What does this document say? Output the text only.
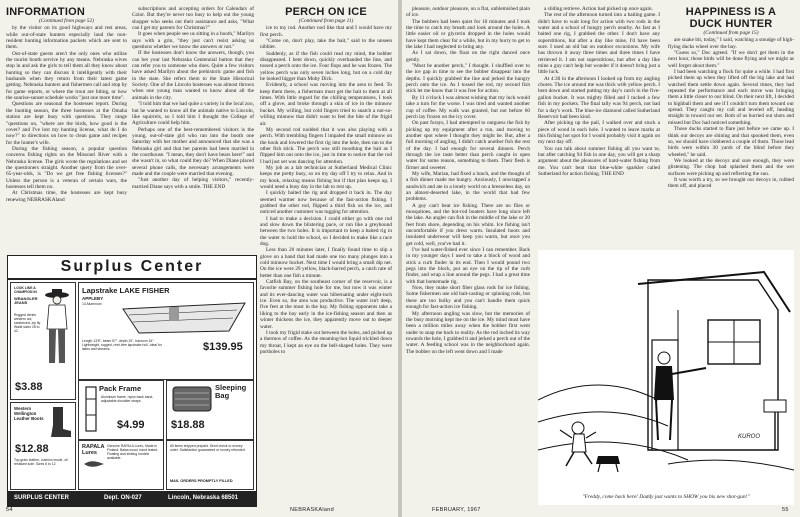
INFORMATION
(Continued from page 52)

by the visitor on its good highways and rest areas, while out-of-state hunters especially laud the non-resident hunting information packets which are sent to them.

Out-of-state guests aren't the only ones who utilize the tourist booth service by any means. Nebraska wives stop in and ask the girls to tell them all they know about hunting so they can discuss it intelligently with their husbands when they return from their latest game getting. Nebraska hunters and fishermen call and stop by for game reports, or where the trout are biting, or how the sunrise-sunset schedule works "just one more time".

Questions are seasonal the hostesses report. During the hunting season, the three hostesses at the Omaha station are kept busy with questions. They range "questions on, "where are the birds, how good is the cover? and I've lost my hunting license, what do I do now?" to directions on how to clean game and recipes for the hunter's wife.

During the fishing season, a popular question concerns fishing rights on the Missouri River with a Nebraska license. The girls wrote the regulations and set the questioners straight. Another query from the over-65-year-olds, is "Do we get free fishing licenses?" Unless the person is a veteran of certain wars, the hostesses tell them no.

At Christmas time, the hostesses are kept busy renewing NEBRASKAland

subscriptions and accepting orders for Calendars of Color. But they're never too busy to help out the young shopper who seeks out their assistance and asks, "What can I get my parents for Christmas?"

It goes when people see us sitting in a booth," Marilyn says with a grin, "they just can't resist asking us questions whether we know the answers or not."

If the hostesses don't know the answers, though, you can bet your last Nebraska Centennial button that they can refer you to someone who does. Quite a few visitors have asked Marilyn about the prehistoric game and fish in the state. She refers them to the State Historical Society. One of the Lincoln hostesses was almost thrown when one young man wanted to know about all the animals in the city.

"I told him that we had quite a variety in the local zoo, but he wanted to know all the animals native to Lincoln, like squirrels, so I told him I thought the College of Agriculture could help him.

Perhaps one of the best-remembered visitors is the young, out-of-state girl who ran into the booth one Saturday with her mother and announced that she was a Nebraska girl and that her parents had been married in the courthouse. "I mean, they don't have bears here!" and she wasn't in, so what could they do? When Diane placed several phone calls, the necessary arrangements were made and the couple were married that evening.

"Just another day of helping visitors," recently-married Diane says with a smile. THE END

PERCH ON ICE
(Continued from page 11)

ice to my rod. Another nod like that and I would have my first perch.

"Come on, don't play, take the bait," said to the unseen nibbler.

Suddenly, as if the fish could read my mind, the bobber disappeared. I bent down, quickly overhanded the line, and tossed a perch onto the ice. Four flops and he was frozen. The yellow perch was only seven inches long, but on a cold day he looked bigger than Moby Dick.

Evidently, a school was moving into the area to feed. To keep them there, a fisherman must get the bait to them at all times. With little regard for the chilling temperatures, I took off a glove, and broke through a skin of ice in the minnow bucket. My willing, but cold fingers tried to snatch a not-so-willing minnow that didn't want to feel the bite of the frigid air.

My second rod nodded that it was also playing with a perch. With trembling fingers I impaled the small minnow on the hook and lowered the first rig into the hole, then ran to the other fish stick. The perch was still mouthing the bait as I flipped him out onto the ice, just in time to notice that the rod I had just set was dancing for attention.

My job as a lab technician at Sutherland Medical Clinic keeps me pretty busy, so on my day off I try to relax. And in my book, relaxing means fishing but if that plan keeps up, I would need a busy day in the lab to rest up.

I quickly baited the rig and dropped it back in. The day seemed warmer now because of the fast-action fishing. I grabbed the other rod, flipped a third fish on the ice, and noticed another customer was tugging for attention.

I had to make a decision. I could either go with one rod and slow down the blistering pace, or run like a greyhound between the two holes. It is important to keep a baited rig in the water to hold the school, so I decided to make like a race dog.

Less than 20 minutes later, I finally found time to slip a glove on a hand that had made one too many plunges into a cold minnow bucket. Next time I would bring a small dip net. On the ice were 29 yellow, black-barred perch, a catch rate of better than one fish a minute.

Catfish Bay, on the southeast corner of the reservoir, is a favorite summer fishing hole for me, but now it was winter and its ever-dancing water was hibernating under eight-inch ice. Even so, the area was productive. The water isn't deep, five feet at the most in the bay. My fishing opponents take a liking to the bay early in the ice-fishing season and then as winter thickens the ice, they apparently move out to deeper water.

I took my frigid stake out between the holes, and picked up a thermos of coffee. As the steaming-hot liquid trickled down my throat, I kept an eye on the bell-shaped holes. They were portholes to

Surplus Center
LOOK LIKE A CHAMPION IN
WRANGLER JEANS
Rugged denim western cut, sanforized, zip fly. Waist sizes 28 to 42.
$3.88
Western Wellington Leather Boots
$12.88
Top grain leather, cushion insole, oil resistant sole. Sizes 6 to 12.
Lapstrake LAKE FISHER
APPLEBY
14 Aluminum
$139.95
Length 13'8", beam 57", depth 19", transom 16". Lightweight, rugged, rivet-free lapstrake hull. Ideal for lakes and streams.
Pack Frame
Aluminum frame, nylon back band, adjustable shoulder straps.
$4.99
Sleeping Bag
$18.88
RAPALA Lures
Genuine RAPALA Lures, Made in Finland. Balsa wood, hand tested. Floating and sinking models available.
All items shipped prepaid. Send check or money order. Satisfaction guaranteed or money refunded.
MAIL ORDERS PROMPTLY FILLED
SURPLUS CENTER	Dept. ON-027	Lincoln, Nebraska 68501
54	NEBRASKAland

pleasure, outdoor pleasure, on a flat, unblemished plain of ice.

The bobbers had been quiet for 10 minutes and I took the time to catch my breath and look around the holes. A little easier oil or glycerin dropped in the holes would have kept them clear for a while, but in my hurry to get to the lake I had neglected to bring any.

As I sat down, the float on the right danced once gently.

"Must be another perch," I thought. I shuffled over to the ice gap in time to see the bobber disappear into the depths. I quickly grabbed the line and jerked the hungry perch onto the ice. As I tossed the rod, my second fish stick let me know that it was free for action.

By 11 o'clock I was almost wishing that my luck would take a turn for the worse. I was tired and wanted another cup of coffee. My walk was granted, but not before 60 perch lay frozen on the icy cover.

On past forays, I had attempted to outguess the fish by picking up my equipment after a run, and moving to another spot where I thought they might be. But, after a full morning of angling, I didn't catch another fish the rest of the day. I had enough for several dinners. Perch through the ice taste better than perch caught in open water for some reason, something to them. Their flesh is firmer and sweeter.

My wife, Marian, had fixed a lunch, and the thought of a fish dinner made me hungry. Anxiously, I unwrapped a sandwich and ate in a lonely world on a breezeless day, on an almost-deserted lake, in the world that had few problems.

A guy can't beat ice fishing. There are no flies or mosquitoes, and the hot-rod boaters have long since left the lake. An angler can fish in the middle of the lake or 20 feet from shore, depending on his whim. Ice fishing isn't uncomfortable if you dress warm. Insulated boots and insulated underwear will keep you warm, but once you get cold, well, you've had it.

I've had water-fished ever since I can remember. Back in my younger days I used to take a block of wood and stick a curb finder in its end. Then I would pound two pegs into the block, put an eye on the tip of the curb finder, and wrap a line around the pegs. I had a great time with that homemade rig.

Now, they make short fiber glass rods for ice fishing. Some fishermen use old bait-casting or spinning rods, but these are too bulky and you can't handle them quick enough for fast-action ice fishing.

My afternoon angling was slow, but the memories of the busy morning kept me on the ice. My mind must have been a million miles away when the bobber first went under to snap me back to reality. As the rod inched its way towards the hole, I grabbed it and jerked a perch out of the water. A feeding school was in the neighborhood again. The bobber on the left went down and I made

a sliding retrieve. Action had picked up once again.

The rest of the afternoon turned into a baiting game. I didn't have to wait long for action with two rods in the water and a school of hungry perch nearby. As fast as I baited one rig, I grabbed the other. I don't have any superstitions, but after a day like mine, I'd have been sure. I used an old hat on outdoor excursions. My wife has thrown it away three times and three times I have retrieved it. I am not superstitious, but after a day like mine a guy can't help but wonder if it doesn't bring just a little luck.

At 4:30 in the afternoon I looked up from my angling chores. The ice around me was thick with yellow perch. I bent down and started putting my day's catch in the five-gallon bucket. It was mighty filled and I tucked a few fish in my pockets. The final tally was 94 perch, not bad for a day's work. The blue-ice diamond called Sutherland Reservoir had been kind.

After picking up the pail, I walked over and stuck a piece of wood in each hole. I wanted to leave marks at this fishing hot spot for I would probably visit it again on my next day off.

You can talk about summer fishing all you want to, but after catching 94 fish in one day, you will get a sharp argument about the pleasures of hard-water fishing from me. You can't beat that blue-white sparkler called Sutherland for action fishing. THE END

HAPPINESS IS A
DUCK HUNTER
(Continued from page 15)

are snake bit, today," I said, watching a smudge of high-flying ducks wheel over the bay.

"Guess so," Doc agreed. "If we don't get them in the next hour, those birds will be done flying and we might as well forget about them."

I had been watching a flock for quite a while. I had first picked them up when they lifted off the big lake and had watched them settle down again. Several times, they had repeated the performance and each move was bringing them a little closer to our blind. On their next lift, I decided to highball them and see if I couldn't turn them toward our spread. They caught my call and leveled off, heading straight in toward our set. Both of us hurried out shots and missed but Doc had noticed something.

Those ducks started to flare just before we came up. I think our decoys are shining and that spooked them, even so, we should have clobbered a couple of them. Those lead birds were within 30 yards of the blind before they wheeled," he said.

We looked at the decoys and sure enough, they were glistening. The chop had splashed them and the wet surfaces were picking up and reflecting the sun.

It was worth a try, so we brought our decoys in, rubbed them off, and placed

KUROO
"Freddy, come back here! Daddy just wants to SHOW you his new shot-gun!"
FEBRUARY, 1967	55
